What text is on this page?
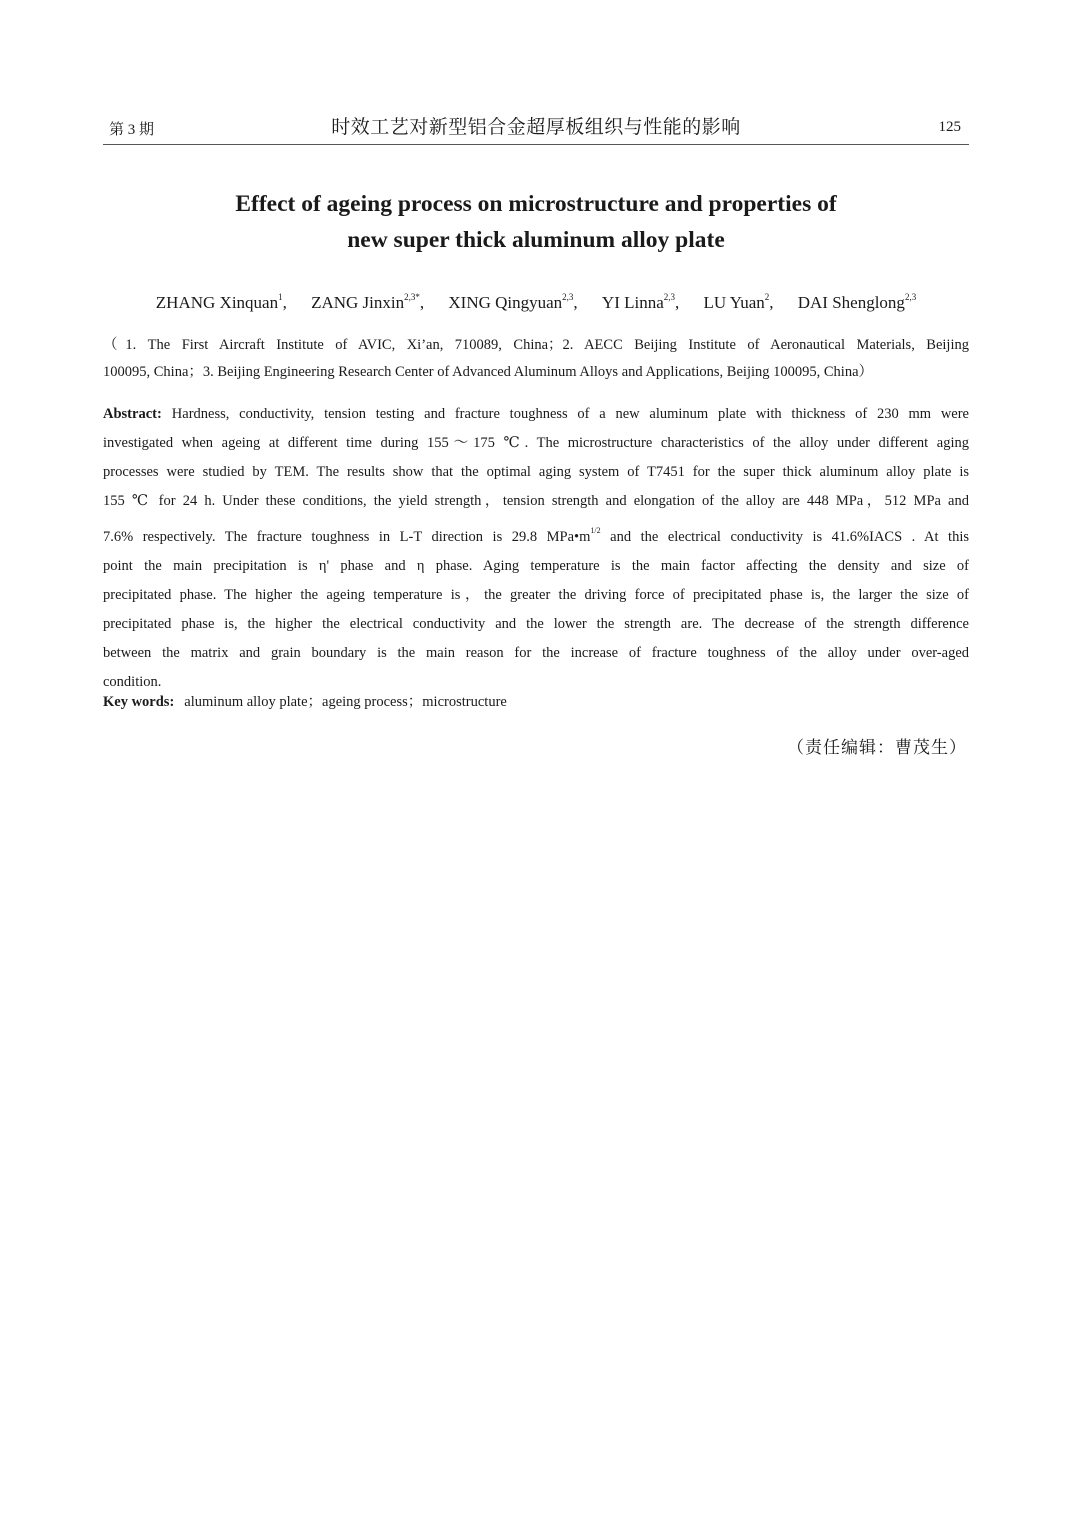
第 3 期	时效工艺对新型铝合金超厚板组织与性能的影响	125
Effect of ageing process on microstructure and properties of
new super thick aluminum alloy plate
ZHANG Xinquan$^1$, ZANG Jinxin$^{2,3*}$, XING Qingyuan$^{2,3}$, YI Linna$^{2,3}$, LU Yuan$^2$, DAI Shenglong$^{2,3}$

（1. The First Aircraft Institute of AVIC, Xi’an, 710089, China；2. AECC Beijing Institute of Aeronautical Materials, Beijing

100095, China；3. Beijing Engineering Research Center of Advanced Aluminum Alloys and Applications, Beijing 100095, China）

Abstract: Hardness, conductivity, tension testing and fracture toughness of a new aluminum plate with thickness of 230 mm were

investigated when ageing at different time during 155～175 ℃. The microstructure characteristics of the alloy under different aging

processes were studied by TEM. The results show that the optimal aging system of T7451 for the super thick aluminum alloy plate is

155 ℃ for 24 h. Under these conditions, the yield strength，tension strength and elongation of the alloy are 448 MPa，512 MPa and

7.6% respectively. The fracture toughness in L-T direction is 29.8 $MPa•m^{1/2}$ and the electrical conductivity is 41.6%IACS . At this

point the main precipitation is η' phase and η phase. Aging temperature is the main factor affecting the density and size of

precipitated phase. The higher the ageing temperature is，the greater the driving force of precipitated phase is, the larger the size of

precipitated phase is, the higher the electrical conductivity and the lower the strength are. The decrease of the strength difference

between the matrix and grain boundary is the main reason for the increase of fracture toughness of the alloy under over-aged

condition.

Key words: aluminum alloy plate；ageing process；microstructure
（责任编辑：曹茂生）
